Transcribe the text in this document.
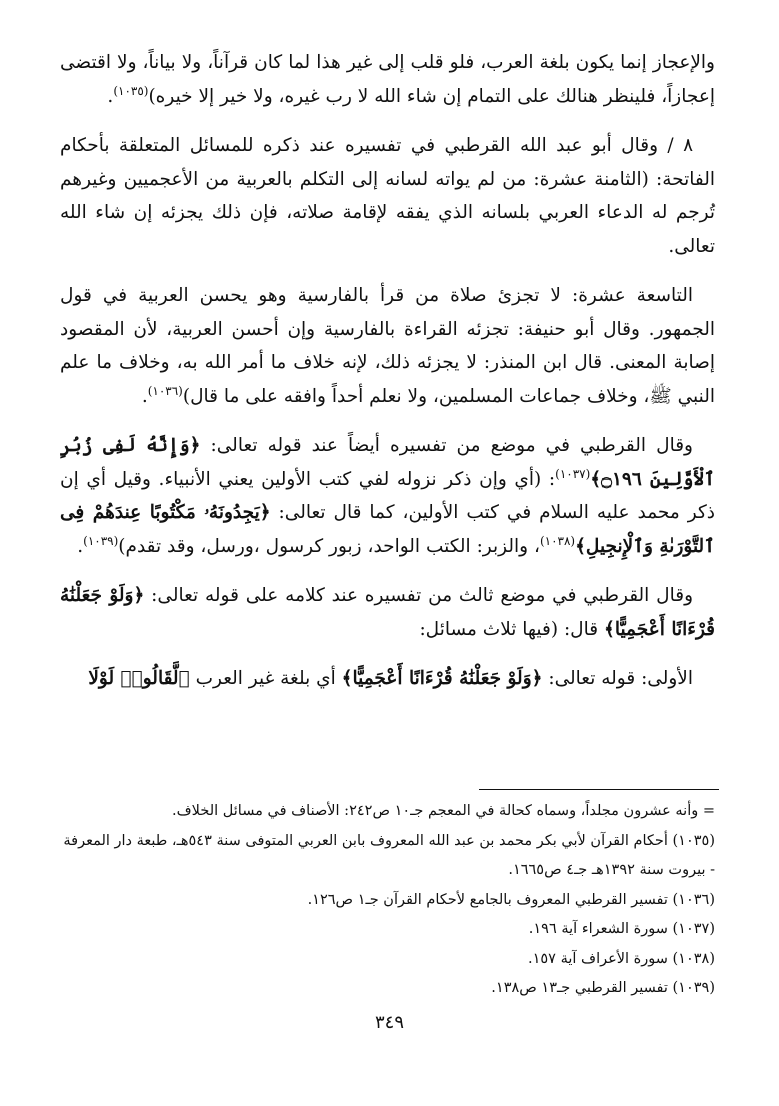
والإعجاز إنما يكون بلغة العرب، فلو قلب إلى غير هذا لما كان قرآناً، ولا بياناً، ولا اقتضى إعجازاً، فلينظر هنالك على التمام إن شاء الله لا رب غيره، ولا خير إلا خيره)$^{(١٠٣٥)}$.

٨ / وقال أبو عبد الله القرطبي في تفسيره عند ذكره للمسائل المتعلقة بأحكام الفاتحة: (الثامنة عشرة: من لم يواته لسانه إلى التكلم بالعربية من الأعجميين وغيرهم تُرجم له الدعاء العربي بلسانه الذي يفقه لإقامة صلاته، فإن ذلك يجزئه إن شاء الله تعالى.

التاسعة عشرة: لا تجزئ صلاة من قرأ بالفارسية وهو يحسن العربية في قول الجمهور. وقال أبو حنيفة: تجزئه القراءة بالفارسية وإن أحسن العربية، لأن المقصود إصابة المعنى. قال ابن المنذر: لا يجزئه ذلك، لإنه خلاف ما أمر الله به، وخلاف ما علم النبي ﷺ، وخلاف جماعات المسلمين، ولا نعلم أحداً وافقه على ما قال)$^{(١٠٣٦)}$.

وقال القرطبي في موضع من تفسيره أيضاً عند قوله تعالى: ﴿وَإِنَّهُ لَفِى زُبُرِ ٱلْأَوَّلِينَ ۝١٩٦﴾$^{(١٠٣٧)}$: (أي وإن ذكر نزوله لفي كتب الأولين يعني الأنبياء. وقيل أي إن ذكر محمد عليه السلام في كتب الأولين، كما قال تعالى: ﴿يَجِدُونَهُۥ مَكْتُوبًا عِندَهُمْ فِى ٱلتَّوْرَىٰةِ وَٱلْإِنجِيلِ﴾$^{(١٠٣٨)}$، والزبر: الكتب الواحد، زبور كرسول ،ورسل، وقد تقدم)$^{(١٠٣٩)}$.

وقال القرطبي في موضع ثالث من تفسيره عند كلامه على قوله تعالى: ﴿وَلَوْ جَعَلْنَٰهُ قُرْءَانًا أَعْجَمِيًّا﴾ قال: (فيها ثلاث مسائل:

الأولى: قوله تعالى: ﴿وَلَوْ جَعَلْنَٰهُ قُرْءَانًا أَعْجَمِيًّا﴾ أي بلغة غير العرب ﴿لَّقَالُوا۟ لَوْلَا

= وأنه عشرون مجلداً، وسماه كحالة في المعجم جـ١٠ ص٢٤٢: الأصناف في مسائل الخلاف.
(١٠٣٥) أحكام القرآن لأبي بكر محمد بن عبد الله المعروف بابن العربي المتوفى سنة ٥٤٣هـ، طبعة دار المعرفة - بيروت سنة ١٣٩٢هـ جـ٤ ص١٦٦٥.
(١٠٣٦) تفسير القرطبي المعروف بالجامع لأحكام القرآن جـ١ ص١٢٦.
(١٠٣٧) سورة الشعراء آية ١٩٦.
(١٠٣٨) سورة الأعراف آية ١٥٧.
(١٠٣٩) تفسير القرطبي جـ١٣ ص١٣٨.
٣٤٩
